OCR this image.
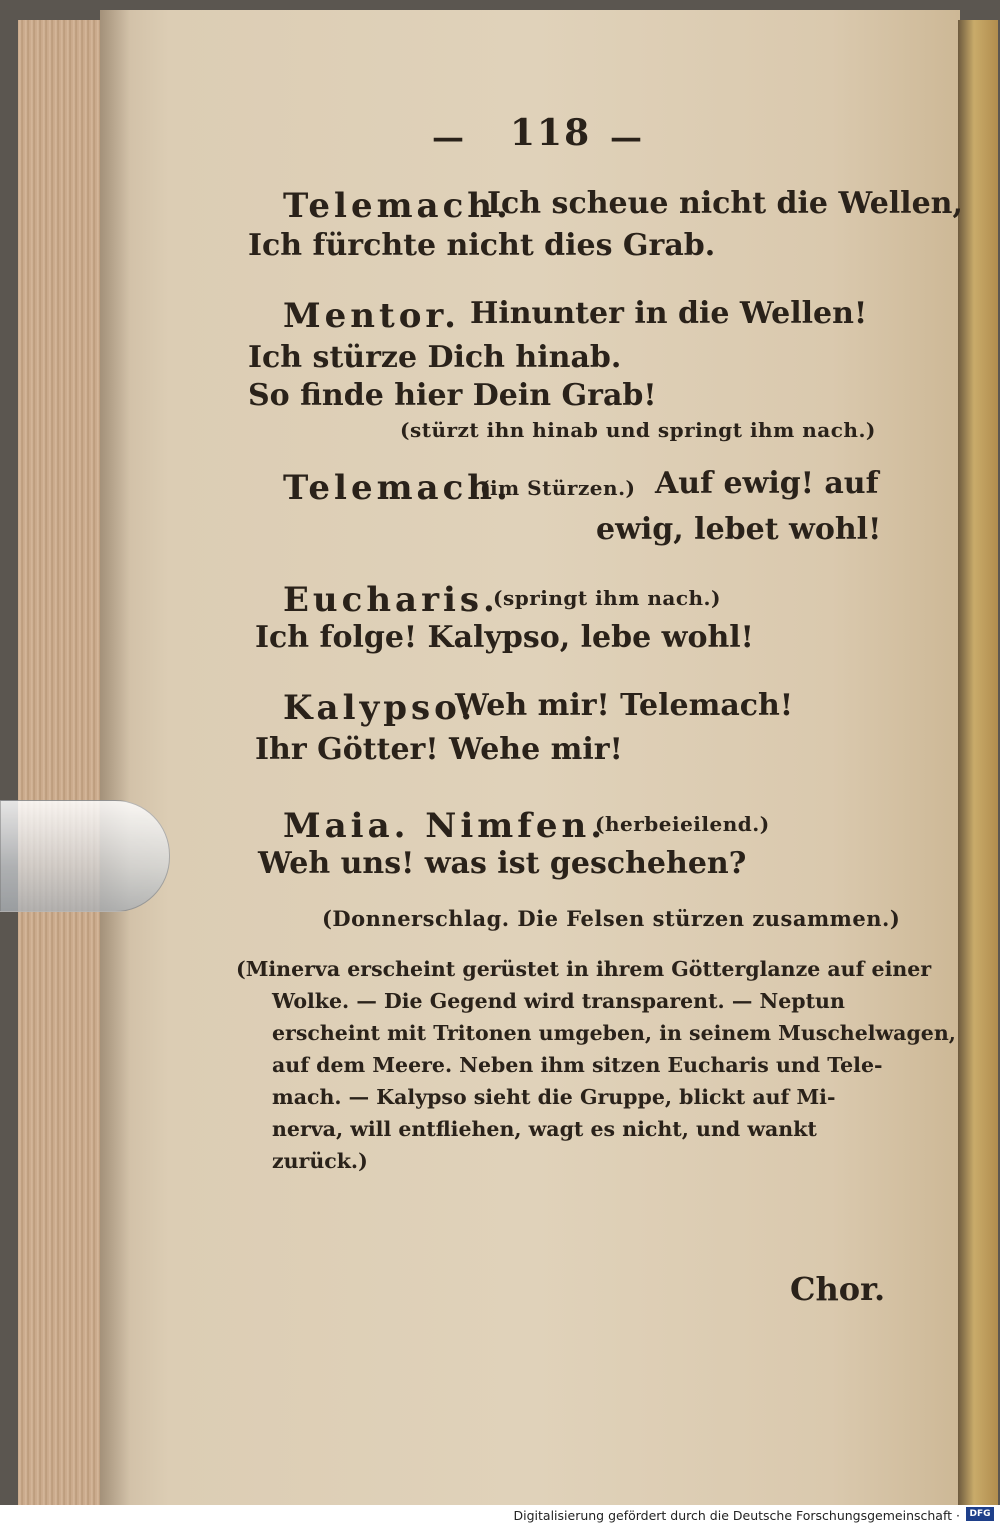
— 118 —
Telemach.
Ich scheue nicht die Wellen,
Ich fürchte nicht dies Grab.
Mentor. Hinunter in die Wellen!
Ich stürze Dich hinab.
So finde hier Dein Grab!
(stürzt ihn hinab und springt ihm nach.)
Telemach.
(im Stürzen.) Auf ewig! auf
ewig, lebet wohl!
Eucharis.
(springt ihm nach.)
Ich folge! Kalypso, lebe wohl!
Kalypso.
Weh mir! Telemach!
Ihr Götter! Wehe mir!
Maia. Nimfen.
(herbeieilend.)
Weh uns! was ist geschehen?
(Donnerschlag. Die Felsen stürzen zusammen.)
(Minerva erscheint gerüstet in ihrem Götterglanze auf einer
Wolke. — Die Gegend wird transparent. — Neptun
erscheint mit Tritonen umgeben, in seinem Muschelwagen,
auf dem Meere. Neben ihm sitzen Eucharis und Tele-
mach. — Kalypso sieht die Gruppe, blickt auf Mi-
nerva, will entfliehen, wagt es nicht, und wankt
zurück.)
Chor.
Digitalisierung gefördert durch die Deutsche Forschungsgemeinschaft ·	DFG
